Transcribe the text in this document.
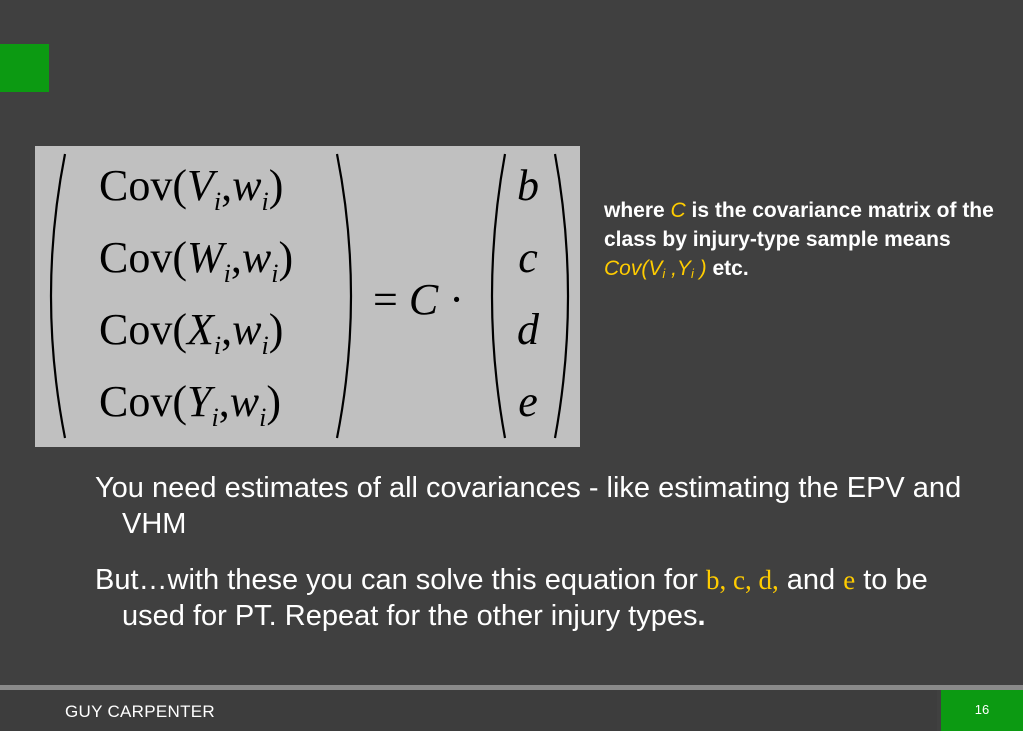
$Cov(V_i,w_i)$
$Cov(W_i,w_i)$
$Cov(X_i,w_i)$
$Cov(Y_i,w_i)$
= C ·
b
c
d
e
where C is the covariance matrix of the class by injury-type sample means $Cov(V_i$ $,Y_i$ ) etc.
You need estimates of all covariances - like estimating the EPV and VHM
But…with these you can solve this equation for b, c, d, and e to be used for PT. Repeat for the other injury types.
GUY CARPENTER	16
